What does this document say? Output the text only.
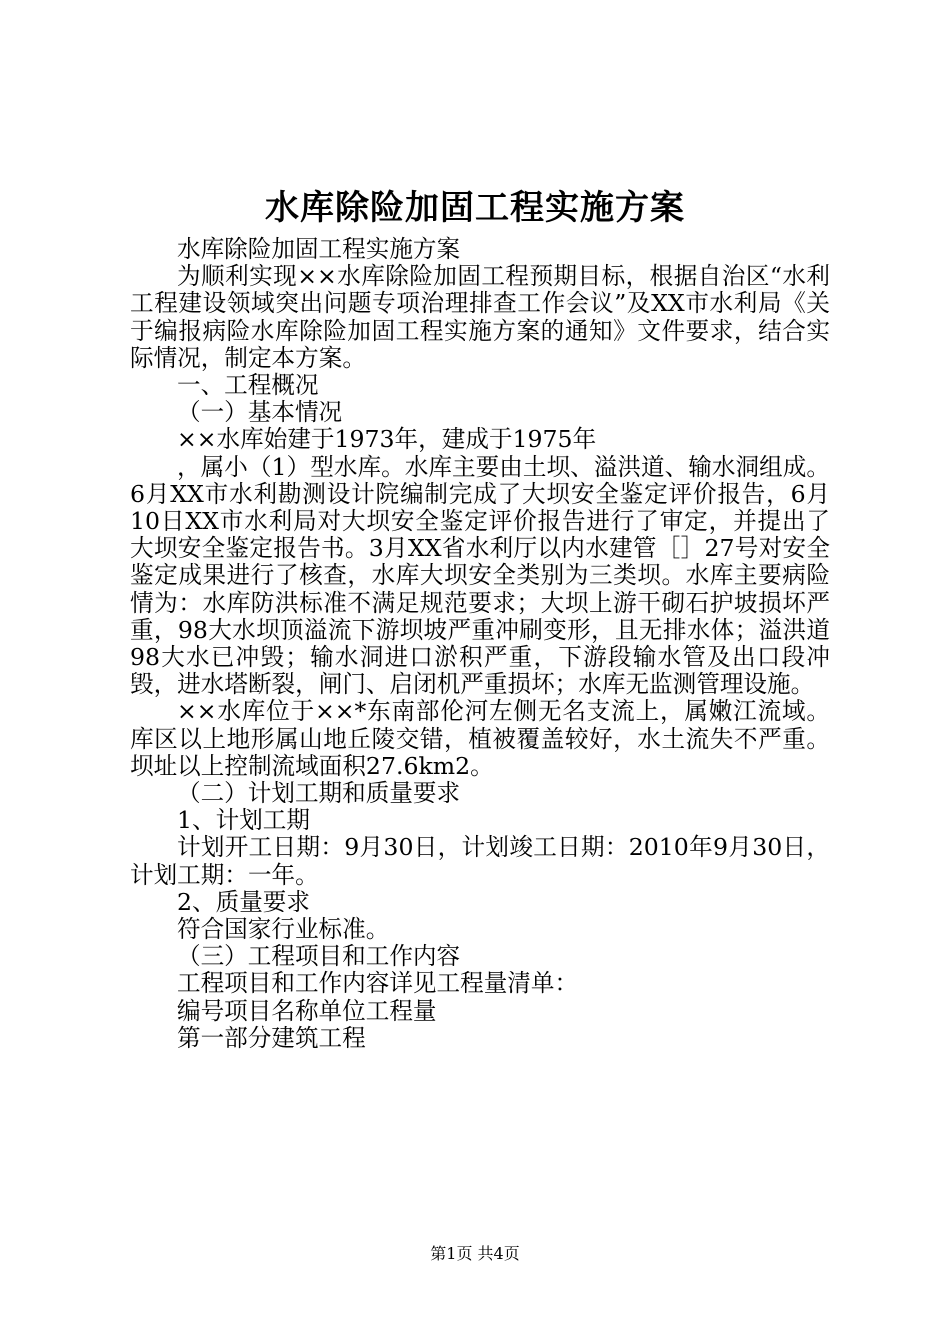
水库除险加固工程实施方案

水库除险加固工程实施方案

为顺利实现××水库除险加固工程预期目标，根据自治区“水利工程建设领域突出问题专项治理排查工作会议”及XX市水利局《关于编报病险水库除险加固工程实施方案的通知》文件要求，结合实际情况，制定本方案。

一、工程概况

（一）基本情况

××水库始建于1973年，建成于1975年

，属小（1）型水库。水库主要由土坝、溢洪道、输水洞组成。6月XX市水利勘测设计院编制完成了大坝安全鉴定评价报告，6月10日XX市水利局对大坝安全鉴定评价报告进行了审定，并提出了大坝安全鉴定报告书。3月XX省水利厅以内水建管［］27号对安全鉴定成果进行了核查，水库大坝安全类别为三类坝。水库主要病险情为：水库防洪标准不满足规范要求；大坝上游干砌石护坡损坏严重，98大水坝顶溢流下游坝坡严重冲刷变形，且无排水体；溢洪道98大水已冲毁；输水洞进口淤积严重，下游段输水管及出口段冲毁，进水塔断裂，闸门、启闭机严重损坏；水库无监测管理设施。

××水库位于××*东南部伦河左侧无名支流上，属嫩江流域。库区以上地形属山地丘陵交错，植被覆盖较好，水土流失不严重。坝址以上控制流域面积27.6km2。

（二）计划工期和质量要求

1、计划工期

计划开工日期：9月30日，计划竣工日期：2010年9月30日，计划工期：一年。

2、质量要求

符合国家行业标准。

（三）工程项目和工作内容

工程项目和工作内容详见工程量清单：

编号项目名称单位工程量

第一部分建筑工程

第1页 共4页
